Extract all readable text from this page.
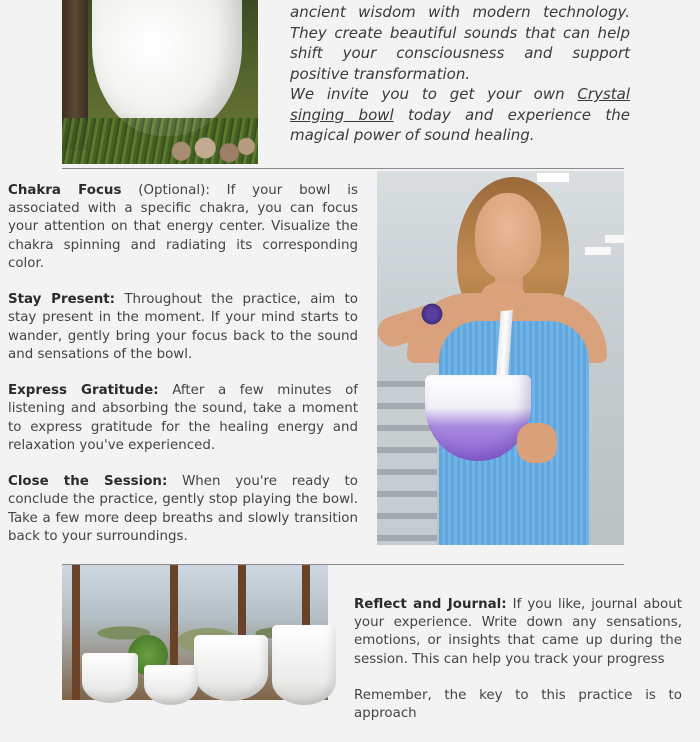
ancient wisdom with modern technology. They create beautiful sounds that can help shift your consciousness and support positive transformation.

We invite you to get your own Crystal singing bowl today and experience the magical power of sound healing.

Chakra Focus (Optional): If your bowl is associated with a specific chakra, you can focus your attention on that energy center. Visualize the chakra spinning and radiating its corresponding color.

Stay Present: Throughout the practice, aim to stay present in the moment. If your mind starts to wander, gently bring your focus back to the sound and sensations of the bowl.

Express Gratitude: After a few minutes of listening and absorbing the sound, take a moment to express gratitude for the healing energy and relaxation you've experienced.

Close the Session: When you're ready to conclude the practice, gently stop playing the bowl. Take a few more deep breaths and slowly transition back to your surroundings.

Reflect and Journal: If you like, journal about your experience. Write down any sensations, emotions, or insights that came up during the session. This can help you track your progress

Remember, the key to this practice is to approach
